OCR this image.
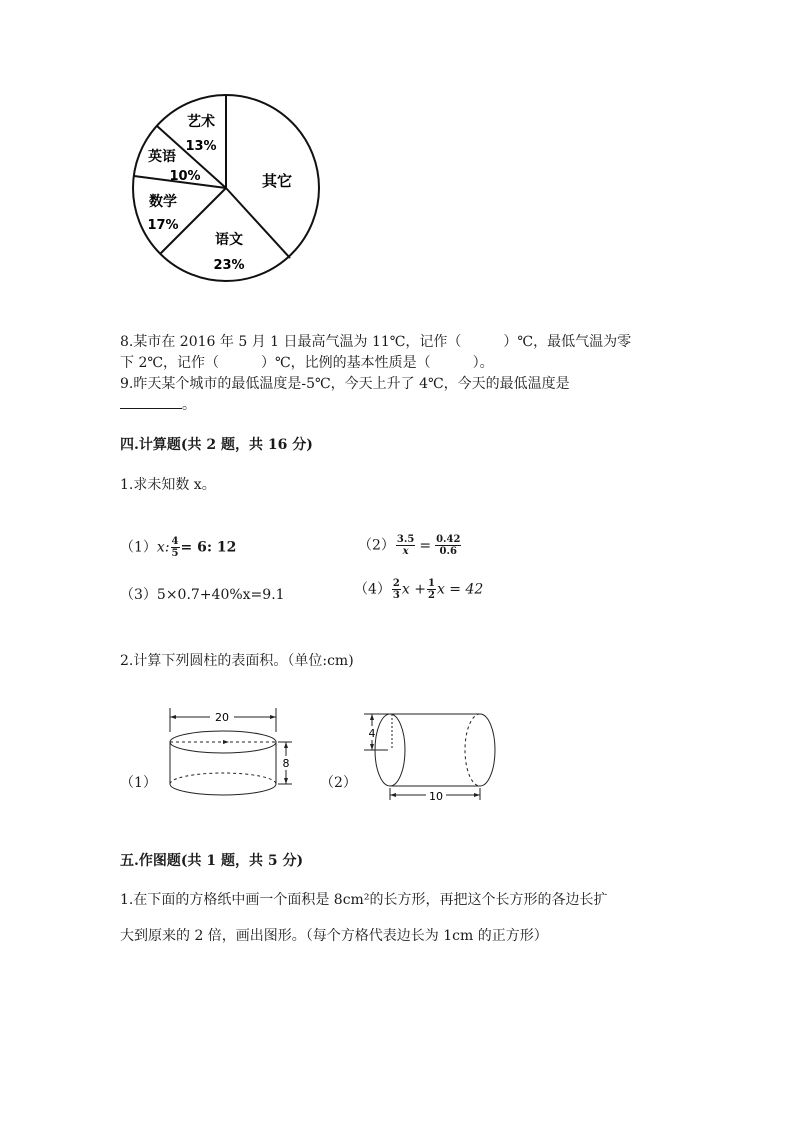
艺术
13%
英语
10%
数学
17%
语文
23%
其它
8.某市在 2016 年 5 月 1 日最高气温为 11℃，记作（　　　）℃，最低气温为零
下 2℃，记作（　　　）℃，比例的基本性质是（　　　）。
9.昨天某个城市的最低温度是-5℃，今天上升了 4℃，今天的最低温度是
。
四.计算题(共 2 题，共 16 分)
1.求未知数 x。
（1）x: $\frac{4}{5} = 6$: 12	$(2) \frac{3.5}{x} = \frac{0.42}{0.6}$
（3）5×0.7+40%x=9.1	$(4) \frac{2}{3}$ $x + \frac{1}{2}$ x = 42
2.计算下列圆柱的表面积。（单位:cm)
（1）
20
8
（2）
4
10
五.作图题(共 1 题，共 5 分)
1.在下面的方格纸中画一个面积是 8cm²的长方形，再把这个长方形的各边长扩
大到原来的 2 倍，画出图形。（每个方格代表边长为 1cm 的正方形）
